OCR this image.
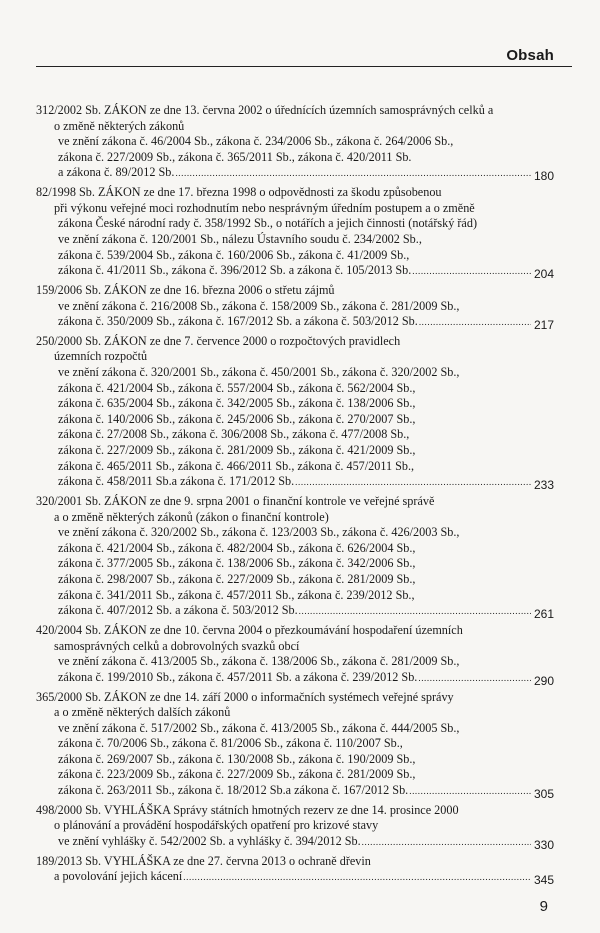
Obsah
312/2002 Sb. ZÁKON ze dne 13. června 2002 o úřednících územních samosprávných celků a
o změně některých zákonů
ve znění zákona č. 46/2004 Sb., zákona č. 234/2006 Sb., zákona č. 264/2006 Sb.,
zákona č. 227/2009 Sb., zákona č. 365/2011 Sb., zákona č. 420/2011 Sb.
a zákona č. 89/2012 Sb. .....	180
82/1998 Sb. ZÁKON ze dne 17. března 1998 o odpovědnosti za škodu způsobenou
při výkonu veřejné moci rozhodnutím nebo nesprávným úředním postupem a o změně
zákona České národní rady č. 358/1992 Sb., o notářích a jejich činnosti (notářský řád)
ve znění zákona č. 120/2001 Sb., nálezu Ústavního soudu č. 234/2002 Sb.,
zákona č. 539/2004 Sb., zákona č. 160/2006 Sb., zákona č. 41/2009 Sb.,
zákona č. 41/2011 Sb., zákona č. 396/2012 Sb. a zákona č. 105/2013 Sb. .....	204
159/2006 Sb. ZÁKON ze dne 16. března 2006 o střetu zájmů
ve znění zákona č. 216/2008 Sb., zákona č. 158/2009 Sb., zákona č. 281/2009 Sb.,
zákona č. 350/2009 Sb., zákona č. 167/2012 Sb. a zákona č. 503/2012 Sb. .....	217
250/2000 Sb. ZÁKON ze dne 7. července 2000 o rozpočtových pravidlech
územních rozpočtů
ve znění zákona č. 320/2001 Sb., zákona č. 450/2001 Sb., zákona č. 320/2002 Sb.,
zákona č. 421/2004 Sb., zákona č. 557/2004 Sb., zákona č. 562/2004 Sb.,
zákona č. 635/2004 Sb., zákona č. 342/2005 Sb., zákona č. 138/2006 Sb.,
zákona č. 140/2006 Sb., zákona č. 245/2006 Sb., zákona č. 270/2007 Sb.,
zákona č. 27/2008 Sb., zákona č. 306/2008 Sb., zákona č. 477/2008 Sb.,
zákona č. 227/2009 Sb., zákona č. 281/2009 Sb., zákona č. 421/2009 Sb.,
zákona č. 465/2011 Sb., zákona č. 466/2011 Sb., zákona č. 457/2011 Sb.,
zákona č. 458/2011 Sb.a zákona č. 171/2012 Sb. .....	233
320/2001 Sb. ZÁKON ze dne 9. srpna 2001 o finanční kontrole ve veřejné správě
a o změně některých zákonů (zákon o finanční kontrole)
ve znění zákona č. 320/2002 Sb., zákona č. 123/2003 Sb., zákona č. 426/2003 Sb.,
zákona č. 421/2004 Sb., zákona č. 482/2004 Sb., zákona č. 626/2004 Sb.,
zákona č. 377/2005 Sb., zákona č. 138/2006 Sb., zákona č. 342/2006 Sb.,
zákona č. 298/2007 Sb., zákona č. 227/2009 Sb., zákona č. 281/2009 Sb.,
zákona č. 341/2011 Sb., zákona č. 457/2011 Sb., zákona č. 239/2012 Sb.,
zákona č. 407/2012 Sb. a zákona č. 503/2012 Sb. .....	261
420/2004 Sb. ZÁKON ze dne 10. června 2004 o přezkoumávání hospodaření územních
samosprávných celků a dobrovolných svazků obcí
ve znění zákona č. 413/2005 Sb., zákona č. 138/2006 Sb., zákona č. 281/2009 Sb.,
zákona č. 199/2010 Sb., zákona č. 457/2011 Sb. a zákona č. 239/2012 Sb. .....	290
365/2000 Sb. ZÁKON ze dne 14. září 2000 o informačních systémech veřejné správy
a o změně některých dalších zákonů
ve znění zákona č. 517/2002 Sb., zákona č. 413/2005 Sb., zákona č. 444/2005 Sb.,
zákona č. 70/2006 Sb., zákona č. 81/2006 Sb., zákona č. 110/2007 Sb.,
zákona č. 269/2007 Sb., zákona č. 130/2008 Sb., zákona č. 190/2009 Sb.,
zákona č. 223/2009 Sb., zákona č. 227/2009 Sb., zákona č. 281/2009 Sb.,
zákona č. 263/2011 Sb., zákona č. 18/2012 Sb.a zákona č. 167/2012 Sb. .....	305
498/2000 Sb. VYHLÁŠKA Správy státních hmotných rezerv ze dne 14. prosince 2000
o plánování a provádění hospodářských opatření pro krizové stavy
ve znění vyhlášky č. 542/2002 Sb. a vyhlášky č. 394/2012 Sb. .....	330
189/2013 Sb. VYHLÁŠKA ze dne 27. června 2013 o ochraně dřevin
a povolování jejich kácení .....	345
9
